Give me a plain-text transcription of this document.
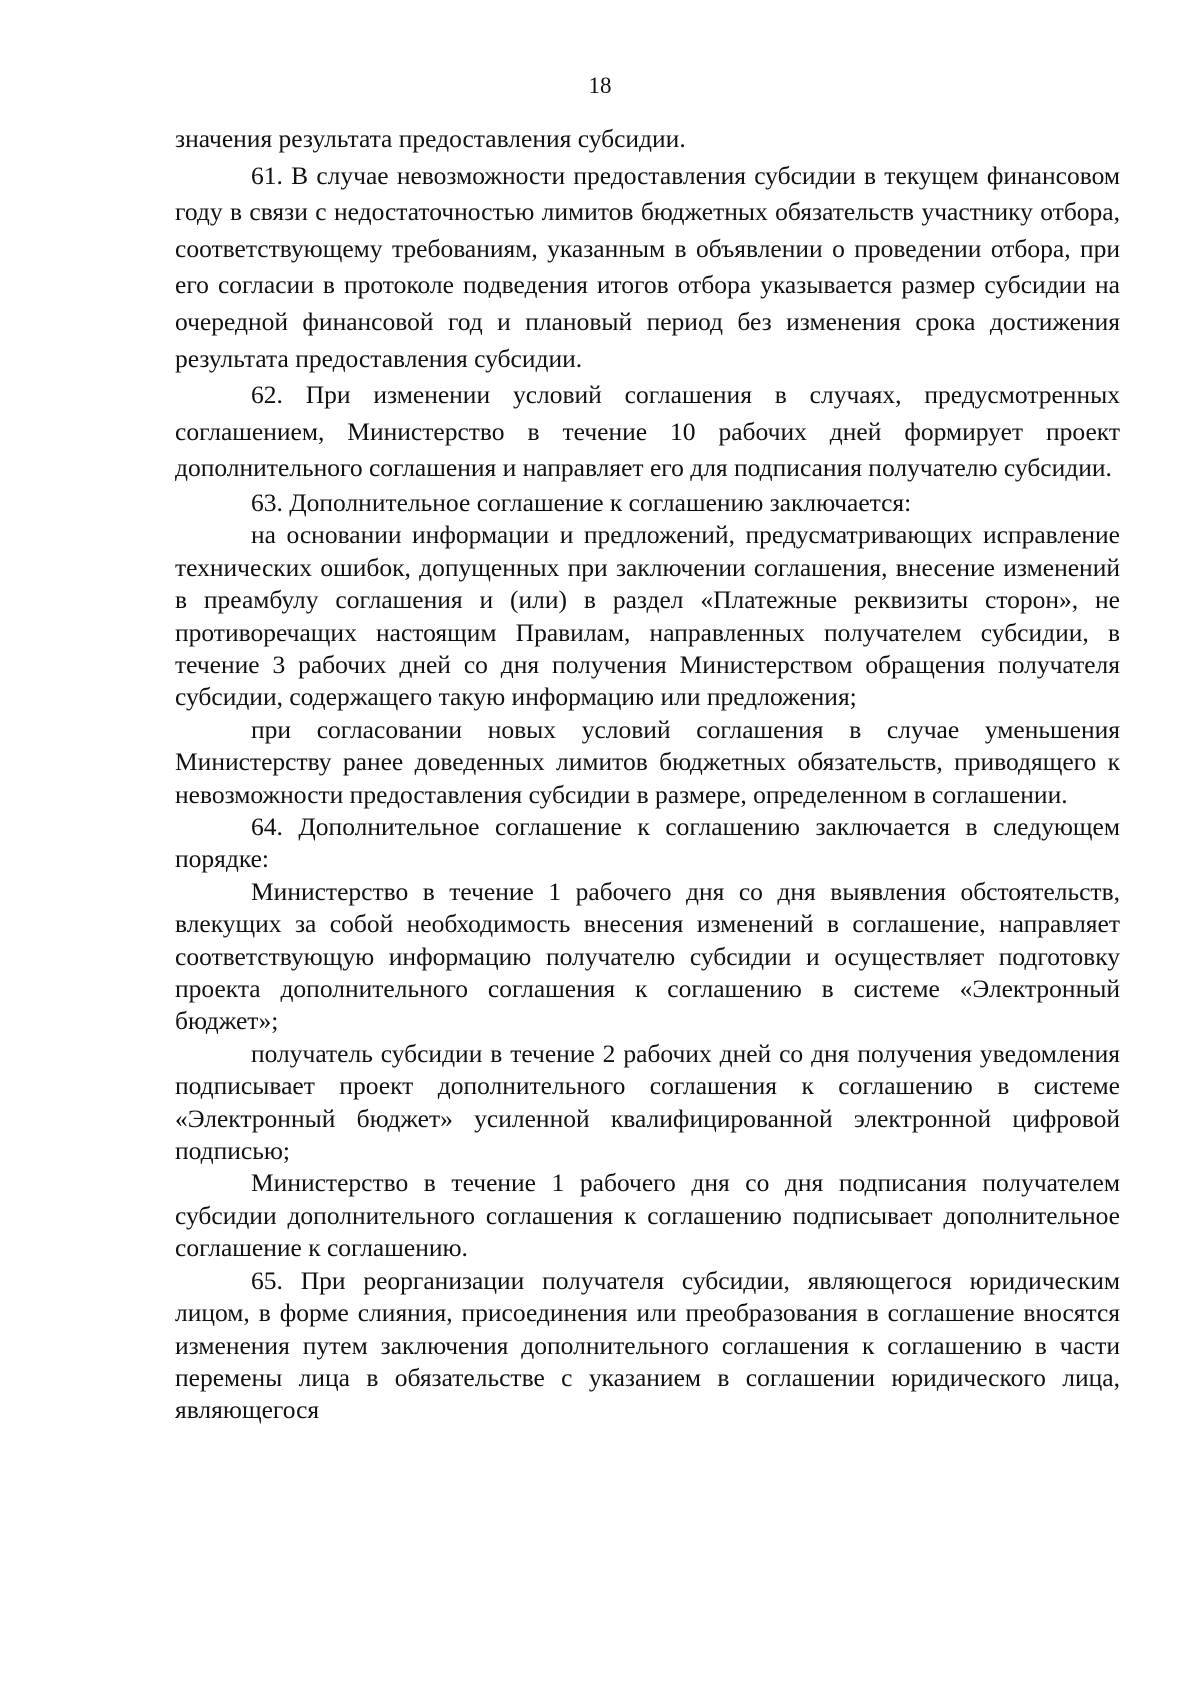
18

значения результата предоставления субсидии.

61. В случае невозможности предоставления субсидии в текущем финансовом году в связи с недостаточностью лимитов бюджетных обязательств участнику отбора, соответствующему требованиям, указанным в объявлении о проведении отбора, при его согласии в протоколе подведения итогов отбора указывается размер субсидии на очередной финансовой год и плановый период без изменения срока достижения результата предоставления субсидии.

62. При изменении условий соглашения в случаях, предусмотренных соглашением, Министерство в течение 10 рабочих дней формирует проект дополнительного соглашения и направляет его для подписания получателю субсидии.

63. Дополнительное соглашение к соглашению заключается:

на основании информации и предложений, предусматривающих исправление технических ошибок, допущенных при заключении соглашения, внесение изменений в преамбулу соглашения и (или) в раздел «Платежные реквизиты сторон», не противоречащих настоящим Правилам, направленных получателем субсидии, в течение 3 рабочих дней со дня получения Министерством обращения получателя субсидии, содержащего такую информацию или предложения;

при согласовании новых условий соглашения в случае уменьшения Министерству ранее доведенных лимитов бюджетных обязательств, приводящего к невозможности предоставления субсидии в размере, определенном в соглашении.

64. Дополнительное соглашение к соглашению заключается в следующем порядке:

Министерство в течение 1 рабочего дня со дня выявления обстоятельств, влекущих за собой необходимость внесения изменений в соглашение, направляет соответствующую информацию получателю субсидии и осуществляет подготовку проекта дополнительного соглашения к соглашению в системе «Электронный бюджет»;

получатель субсидии в течение 2 рабочих дней со дня получения уведомления подписывает проект дополнительного соглашения к соглашению в системе «Электронный бюджет» усиленной квалифицированной электронной цифровой подписью;

Министерство в течение 1 рабочего дня со дня подписания получателем субсидии дополнительного соглашения к соглашению подписывает дополнительное соглашение к соглашению.

65. При реорганизации получателя субсидии, являющегося юридическим лицом, в форме слияния, присоединения или преобразования в соглашение вносятся изменения путем заключения дополнительного соглашения к соглашению в части перемены лица в обязательстве с указанием в соглашении юридического лица, являющегося
